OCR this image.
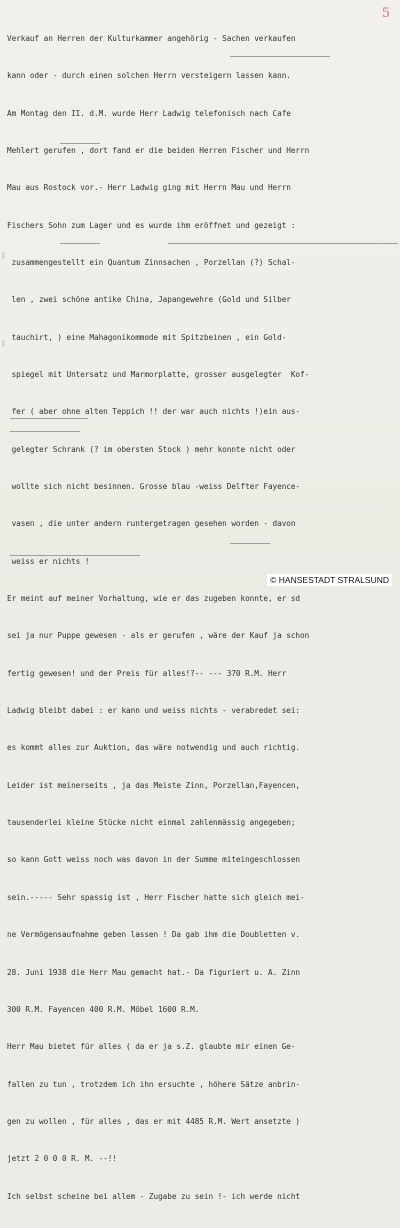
5

Verkauf an Herren der Kulturkammer angehörig - Sachen verkaufen

kann oder - durch einen solchen Herrn versteigern lassen kann.

Am Montag den II. d.M. wurde Herr Ladwig telefonisch nach Cafe

Mehlert gerufen , dort fand er die beiden Herren Fischer und Herrn

Mau aus Rostock vor.- Herr Ladwig ging mit Herrn Mau und Herrn

Fischers Sohn zum Lager und es wurde ihm eröffnet und gezeigt :

zusammengestellt ein Quantum Zinnsachen , Porzellan (?) Schal-

len , zwei schöne antike China, Japangewehre (Gold und Silber

tauchirt, ) eine Mahagonikommode mit Spitzbeinen , ein Gold-

spiegel mit Untersatz und Marmorplatte, grosser ausgelegter  Kof-

fer ( aber ohne alten Teppich !! der war auch nichts !)ein aus-

gelegter Schrank (? im obersten Stock ) mehr konnte nicht oder

wollte sich nicht besinnen. Grosse blau -weiss Delfter Fayence-

vasen , die unter andern runtergetragen gesehen worden - davon

weiss er nichts !

Er meint auf meiner Vorhaltung, wie er das zugeben konnte, er sd

sei ja nur Puppe gewesen - als er gerufen , wäre der Kauf ja schon

fertig gewesen! und der Preis für alles!?-- --- 370 R.M. Herr

Ladwig bleibt dabei : er kann und weiss nichts - verabredet sei:

es kommt alles zur Auktion, das wäre notwendig und auch richtig.

Leider ist meinerseits , ja das Meiste Zinn, Porzellan,Fayencen,

tausenderlei kleine Stücke nicht einmal zahlenmässig angegeben;

so kann Gott weiss noch was davon in der Summe miteingeschlossen

sein.----- Sehr spassig ist , Herr Fischer hatte sich gleich mei-

ne Vermögensaufnahme geben lassen ! Da gab ihm die Doubletten v.

28. Juni 1938 die Herr Mau gemacht hat.- Da figuriert u. A. Zinn

300 R.M. Fayencen 400 R.M. Möbel 1600 R.M.

Herr Mau bietet für alles ( da er ja s.Z. glaubte mir einen Ge-

fallen zu tun , trotzdem ich ihn ersuchte , höhere Sätze anbrin-

gen zu wollen , für alles , das er mit 4485 R.M. Wert ansetzte )

jetzt 2 0 0 0 R. M. --!!

Ich selbst scheine bei allem - Zugabe zu sein !- ich werde nicht

© HANSESTADT STRALSUND
